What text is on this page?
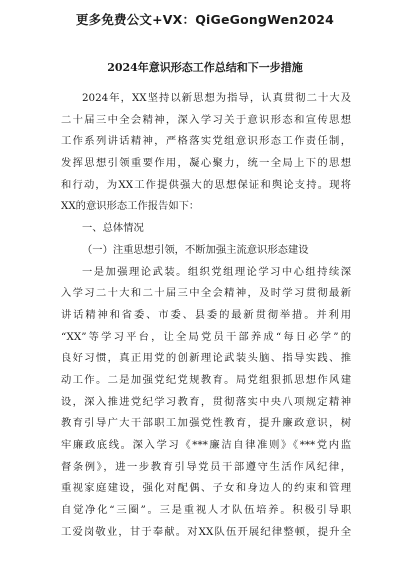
更多免费公文+VX：QiGeGongWen2024
2024年意识形态工作总结和下一步措施
2024年，XX坚持以新思想为指导，认真贯彻二十大及
二十届三中全会精神，深入学习关于意识形态和宣传思想
工作系列讲话精神，严格落实党组意识形态工作责任制，
发挥思想引领重要作用，凝心聚力，统一全局上下的思想
和行动，为XX工作提供强大的思想保证和舆论支持。现将
XX的意识形态工作报告如下：
一、总体情况
（一）注重思想引领，不断加强主流意识形态建设
一是加强理论武装。组织党组理论学习中心组持续深
入学习二十大和二十届三中全会精神，及时学习贯彻最新
讲话精神和省委、市委、县委的最新贯彻举措。并利用
“XX”等学习平台，让全局党员干部养成“每日必学”的
良好习惯，真正用党的创新理论武装头脑、指导实践、推
动工作。二是加强党纪党规教育。局党组狠抓思想作风建
设，深入推进党纪学习教育，贯彻落实中央八项规定精神
教育引导广大干部职工加强党性教育，提升廉政意识，树
牢廉政底线。深入学习《***廉洁自律准则》《***党内监
督条例》，进一步教育引导党员干部遵守生活作风纪律，
重视家庭建设，强化对配偶、子女和身边人的约束和管理
自觉净化“三圈”。三是重视人才队伍培养。积极引导职
工爱岗敬业，甘于奉献。对XX队伍开展纪律整顿，提升全
